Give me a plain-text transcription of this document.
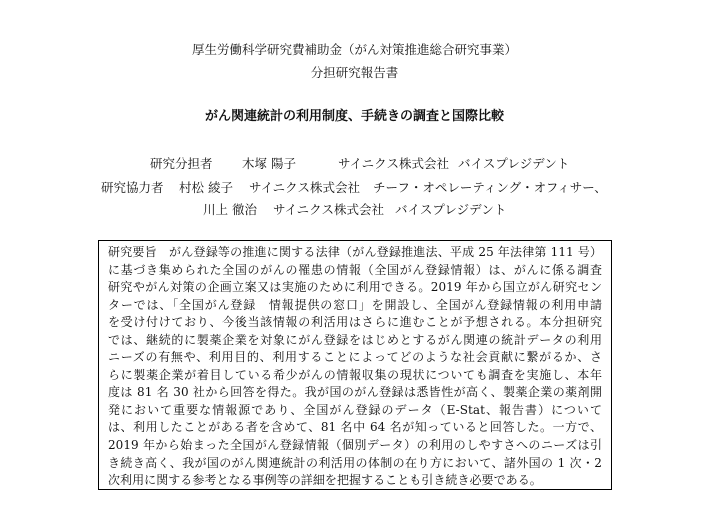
厚生労働科学研究費補助金（がん対策推進総合研究事業）
分担研究報告書
がん関連統計の利用制度、手続きの調査と国際比較
研究分担者 木塚 陽子	サイニクス株式会社 バイスプレジデント
研究協力者 村松 綾子 サイニクス株式会社 チーフ・オペレーティング・オフィサー、
川上 徹治 サイニクス株式会社 バイスプレジデント
研究要旨　がん登録等の推進に関する法律（がん登録推進法、平成 25 年法律第 111 号）
に基づき集められた全国のがんの罹患の情報（全国がん登録情報）は、がんに係る調査
研究やがん対策の企画立案又は実施のために利用できる。2019 年から国立がん研究セン
ターでは、「全国がん登録　情報提供の窓口」を開設し、全国がん登録情報の利用申請
を受け付けており、今後当該情報の利活用はさらに進むことが予想される。本分担研究
では、継続的に製薬企業を対象にがん登録をはじめとするがん関連の統計データの利用
ニーズの有無や、利用目的、利用することによってどのような社会貢献に繋がるか、さ
らに製薬企業が着目している希少がんの情報収集の現状についても調査を実施し、本年
度は 81 名 30 社から回答を得た。我が国のがん登録は悉皆性が高く、製薬企業の薬剤開
発において重要な情報源であり、全国がん登録のデータ（E-Stat、報告書）について
は、利用したことがある者を含めて、81 名中 64 名が知っていると回答した。一方で、
2019 年から始まった全国がん登録情報（個別データ）の利用のしやすさへのニーズは引
き続き高く、我が国のがん関連統計の利活用の体制の在り方において、諸外国の 1 次・2
次利用に関する参考となる事例等の詳細を把握することも引き続き必要である。
